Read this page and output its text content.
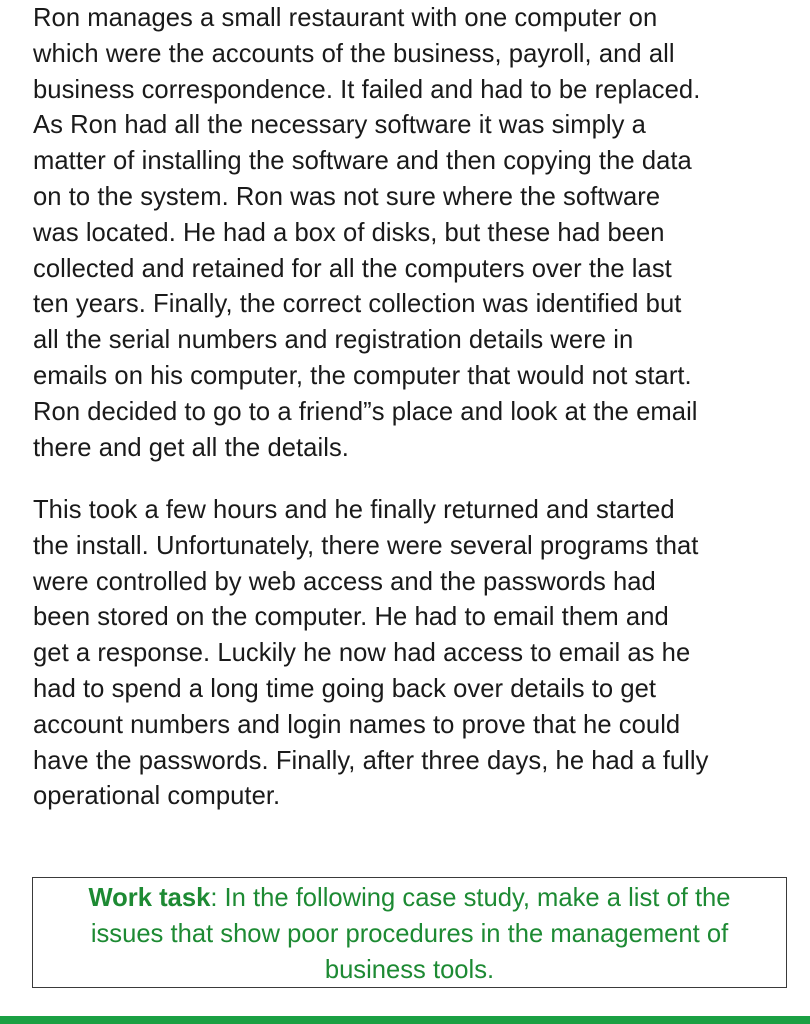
Ron manages a small restaurant with one computer on
which were the accounts of the business, payroll, and all
business correspondence. It failed and had to be replaced.
As Ron had all the necessary software it was simply a
matter of installing the software and then copying the data
on to the system. Ron was not sure where the software
was located. He had a box of disks, but these had been
collected and retained for all the computers over the last
ten years. Finally, the correct collection was identified but
all the serial numbers and registration details were in
emails on his computer, the computer that would not start.
Ron decided to go to a friend”s place and look at the email
there and get all the details.

This took a few hours and he finally returned and started
the install. Unfortunately, there were several programs that
were controlled by web access and the passwords had
been stored on the computer. He had to email them and
get a response. Luckily he now had access to email as he
had to spend a long time going back over details to get
account numbers and login names to prove that he could
have the passwords. Finally, after three days, he had a fully
operational computer.

Work task: In the following case study, make a list of the
issues that show poor procedures in the management of
business tools.
